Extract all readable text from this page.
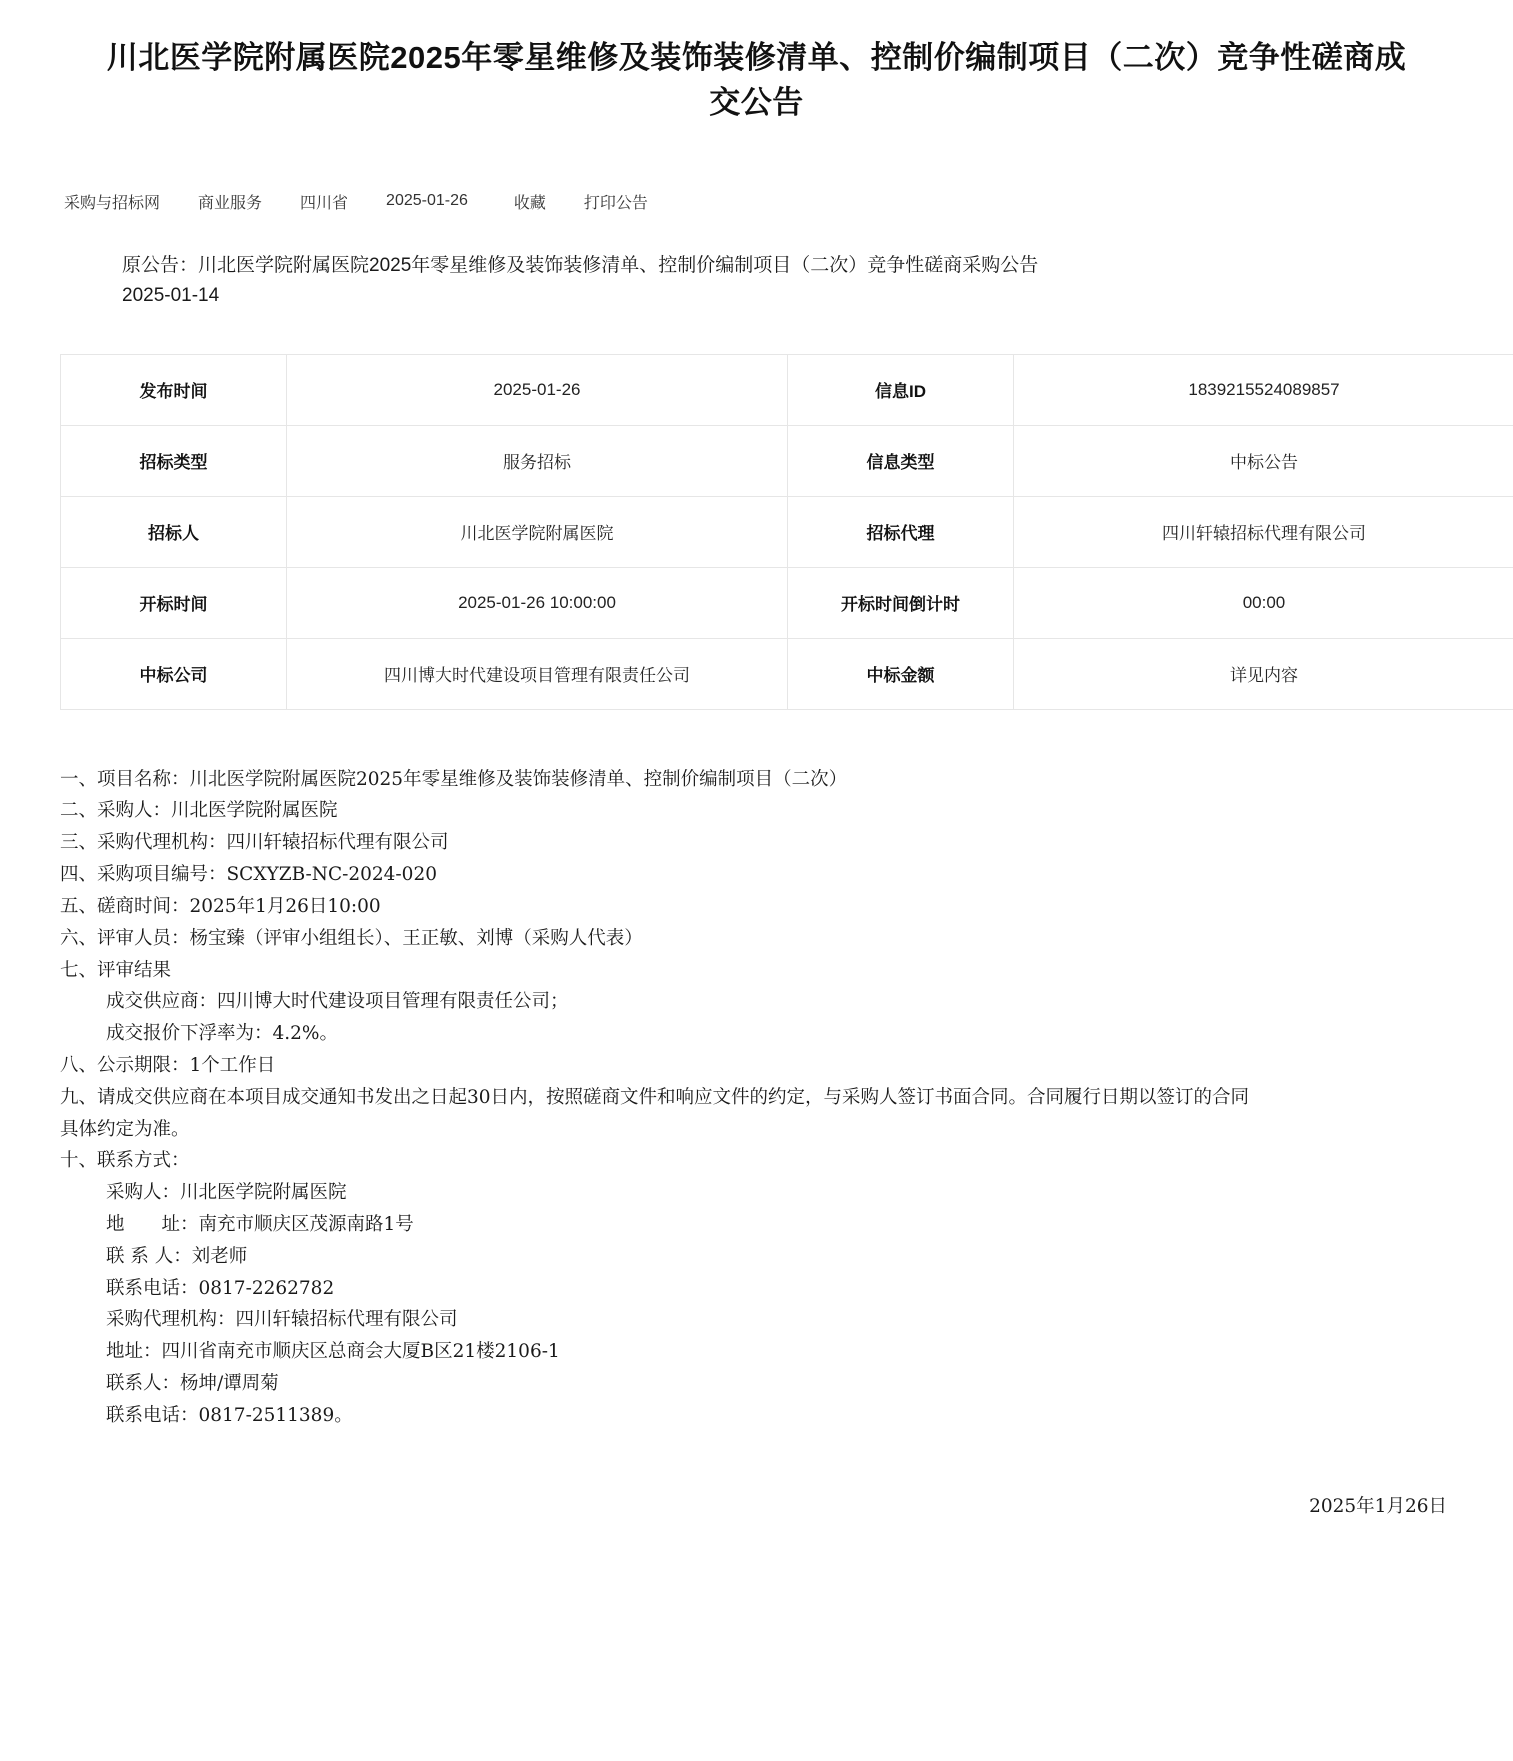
川北医学院附属医院2025年零星维修及装饰装修清单、控制价编制项目（二次）竞争性磋商成交公告
采购与招标网 商业服务 四川省 2025-01-26	收藏 打印公告
原公告：川北医学院附属医院2025年零星维修及装饰装修清单、控制价编制项目（二次）竞争性磋商采购公告
2025-01-14
发布时间	2025-01-26	信息ID	1839215524089857
招标类型	服务招标	信息类型	中标公告
招标人	川北医学院附属医院	招标代理	四川轩辕招标代理有限公司
开标时间	2025-01-26 10:00:00	开标时间倒计时	00:00
中标公司	四川博大时代建设项目管理有限责任公司	中标金额	详见内容
一、项目名称：川北医学院附属医院2025年零星维修及装饰装修清单、控制价编制项目（二次）
二、采购人：川北医学院附属医院
三、采购代理机构：四川轩辕招标代理有限公司
四、采购项目编号：SCXYZB-NC-2024-020
五、磋商时间：2025年1月26日10:00
六、评审人员：杨宝臻（评审小组组长）、王正敏、刘博（采购人代表）
七、评审结果
成交供应商：四川博大时代建设项目管理有限责任公司；
成交报价下浮率为：4.2%。
八、公示期限：1个工作日
九、请成交供应商在本项目成交通知书发出之日起30日内，按照磋商文件和响应文件的约定，与采购人签订书面合同。合同履行日期以签订的合同
具体约定为准。
十、联系方式：
采购人：川北医学院附属医院
地　　址：南充市顺庆区茂源南路1号
联 系 人：刘老师
联系电话：0817-2262782
采购代理机构：四川轩辕招标代理有限公司
地址：四川省南充市顺庆区总商会大厦B区21楼2106-1
联系人：杨坤/谭周菊
联系电话：0817-2511389。
2025年1月26日
